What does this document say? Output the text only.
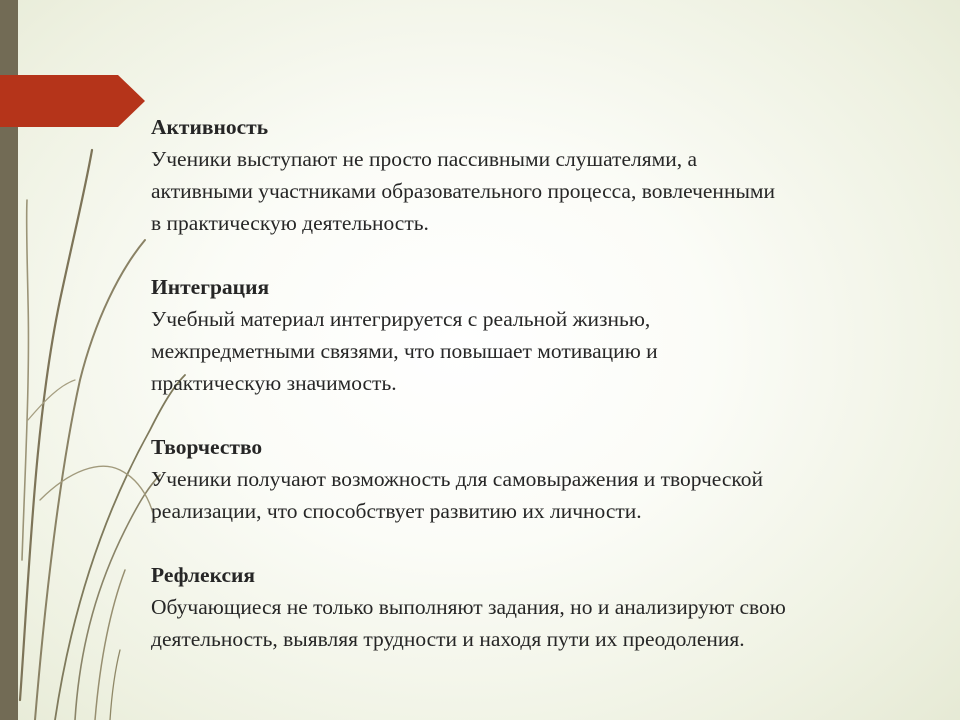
Активность
Ученики выступают не просто пассивными слушателями, а
активными участниками образовательного процесса, вовлеченными
в практическую деятельность.
Интеграция
Учебный материал интегрируется с реальной жизнью,
межпредметными связями, что повышает мотивацию и
практическую значимость.
Творчество
Ученики получают возможность для самовыражения и творческой
реализации, что способствует развитию их личности.
Рефлексия
Обучающиеся не только выполняют задания, но и анализируют свою
деятельность, выявляя трудности и находя пути их преодоления.
